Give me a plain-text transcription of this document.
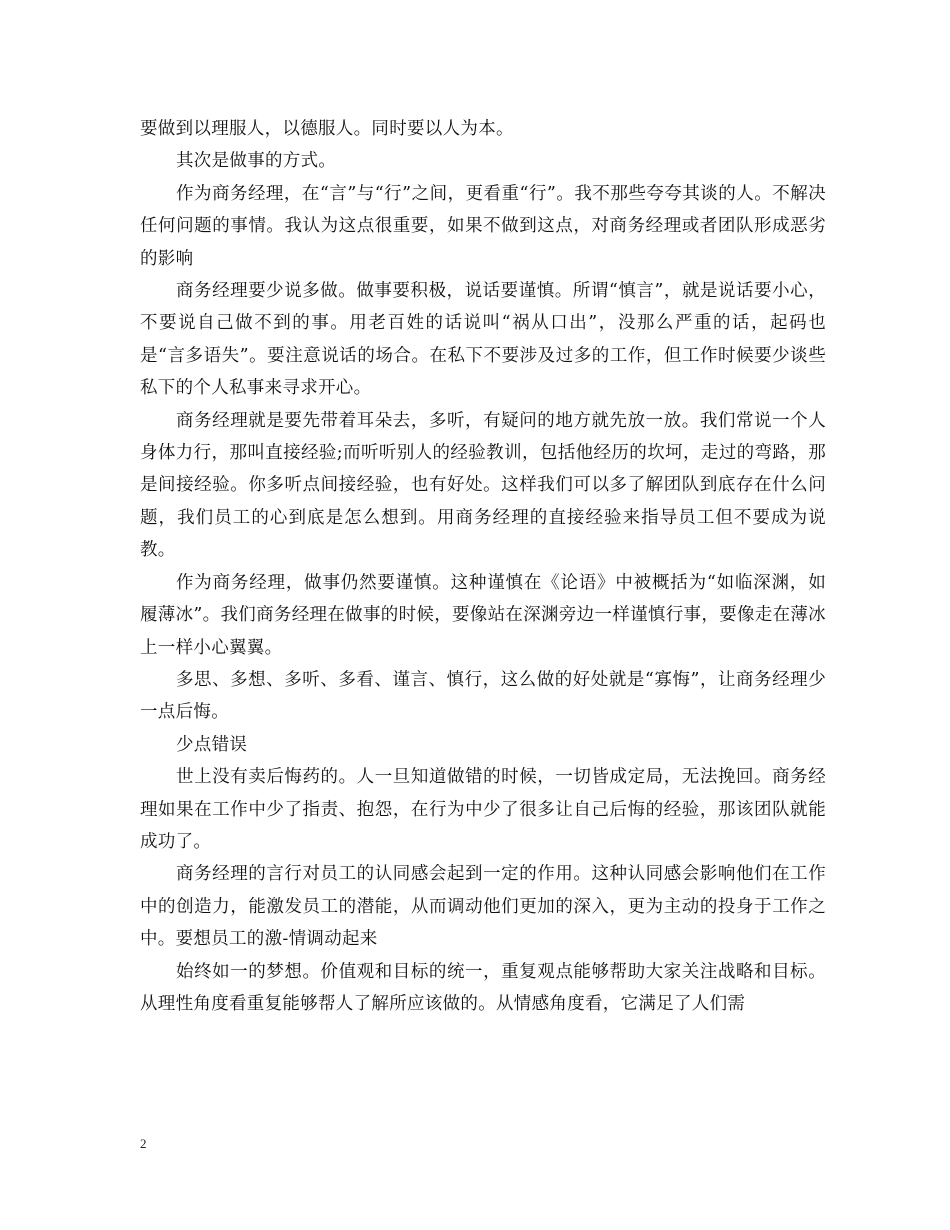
要做到以理服人，以德服人。同时要以人为本。

其次是做事的方式。

作为商务经理，在“言”与“行”之间，更看重“行”。我不那些夸夸其谈的人。不解决任何问题的事情。我认为这点很重要，如果不做到这点，对商务经理或者团队形成恶劣的影响

商务经理要少说多做。做事要积极，说话要谨慎。所谓“慎言”，就是说话要小心，不要说自己做不到的事。用老百姓的话说叫“祸从口出”，没那么严重的话，起码也是“言多语失”。要注意说话的场合。在私下不要涉及过多的工作，但工作时候要少谈些私下的个人私事来寻求开心。

商务经理就是要先带着耳朵去，多听，有疑问的地方就先放一放。我们常说一个人身体力行，那叫直接经验;而听听别人的经验教训，包括他经历的坎坷，走过的弯路，那是间接经验。你多听点间接经验，也有好处。这样我们可以多了解团队到底存在什么问题，我们员工的心到底是怎么想到。用商务经理的直接经验来指导员工但不要成为说教。

作为商务经理，做事仍然要谨慎。这种谨慎在《论语》中被概括为“如临深渊，如履薄冰”。我们商务经理在做事的时候，要像站在深渊旁边一样谨慎行事，要像走在薄冰上一样小心翼翼。

多思、多想、多听、多看、谨言、慎行，这么做的好处就是“寡悔”，让商务经理少一点后悔。

少点错误

世上没有卖后悔药的。人一旦知道做错的时候，一切皆成定局，无法挽回。商务经理如果在工作中少了指责、抱怨，在行为中少了很多让自己后悔的经验，那该团队就能成功了。

商务经理的言行对员工的认同感会起到一定的作用。这种认同感会影响他们在工作中的创造力，能激发员工的潜能，从而调动他们更加的深入，更为主动的投身于工作之中。要想员工的激-情调动起来

始终如一的梦想。价值观和目标的统一，重复观点能够帮助大家关注战略和目标。从理性角度看重复能够帮人了解所应该做的。从情感角度看，它满足了人们需

2
